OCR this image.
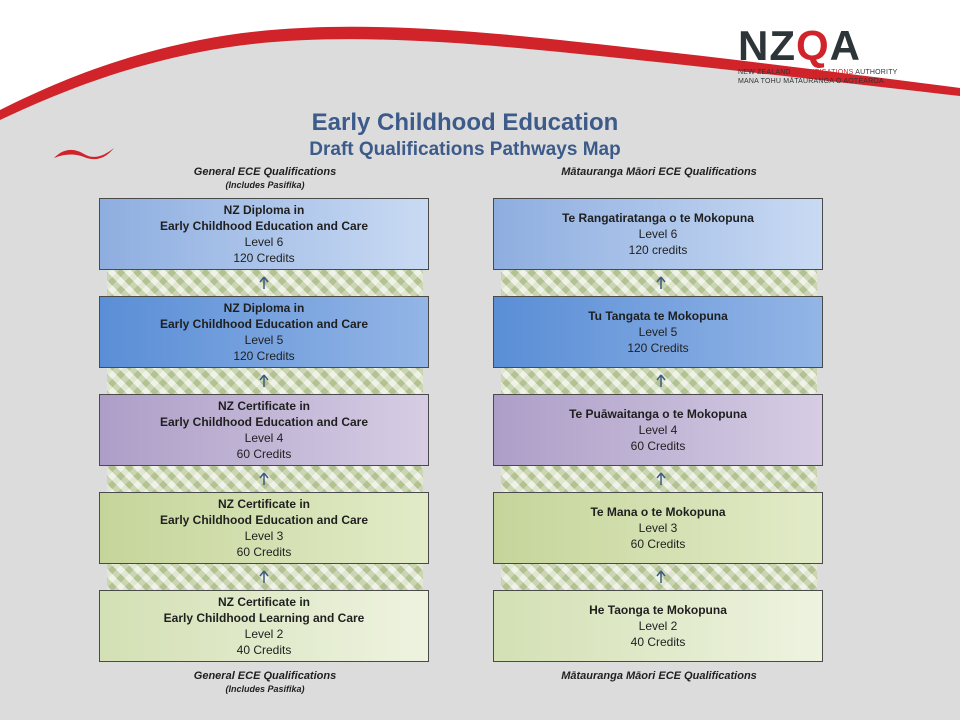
NZQA
NEW ZEALAND QUALIFICATIONS AUTHORITY
MANA TOHU MĀTAURANGA O AOTEAROA
Early Childhood Education
Draft Qualifications Pathways Map
General ECE Qualifications
(Includes Pasifika)
Mātauranga Māori ECE Qualifications
NZ Diploma in
Early Childhood Education and Care
Level 6
120 Credits
NZ Diploma in
Early Childhood Education and Care
Level 5
120 Credits
NZ Certificate in
Early Childhood Education and Care
Level 4
60 Credits
NZ Certificate in
Early Childhood Education and Care
Level 3
60 Credits
NZ Certificate in
Early Childhood Learning and Care
Level 2
40 Credits
Te Rangatiratanga o te Mokopuna
Level 6
120 credits
Tu Tangata te Mokopuna
Level 5
120 Credits
Te Puāwaitanga o te Mokopuna
Level 4
60 Credits
Te Mana o te Mokopuna
Level 3
60 Credits
He Taonga te Mokopuna
Level 2
40 Credits
General ECE Qualifications
(Includes Pasifika)
Mātauranga Māori ECE Qualifications
